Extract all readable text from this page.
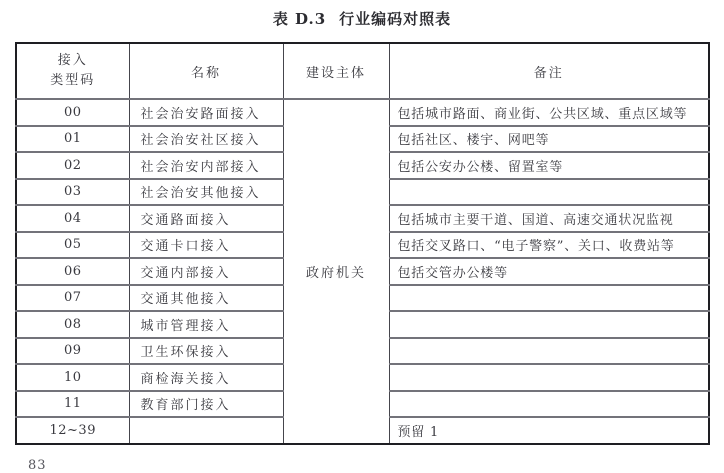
表 D.3 行业编码对照表
接入
类型码	名称	建设主体	备注
00	社会治安路面接入	政府机关	包括城市路面、商业街、公共区域、重点区域等
01	社会治安社区接入		包括社区、楼宇、网吧等
02	社会治安内部接入		包括公安办公楼、留置室等
03	社会治安其他接入		
04	交通路面接入		包括城市主要干道、国道、高速交通状况监视
05	交通卡口接入		包括交叉路口、“电子警察”、关口、收费站等
06	交通内部接入		包括交管办公楼等
07	交通其他接入		
08	城市管理接入		
09	卫生环保接入		
10	商检海关接入		
11	教育部门接入		
12~39			预留 1
83
